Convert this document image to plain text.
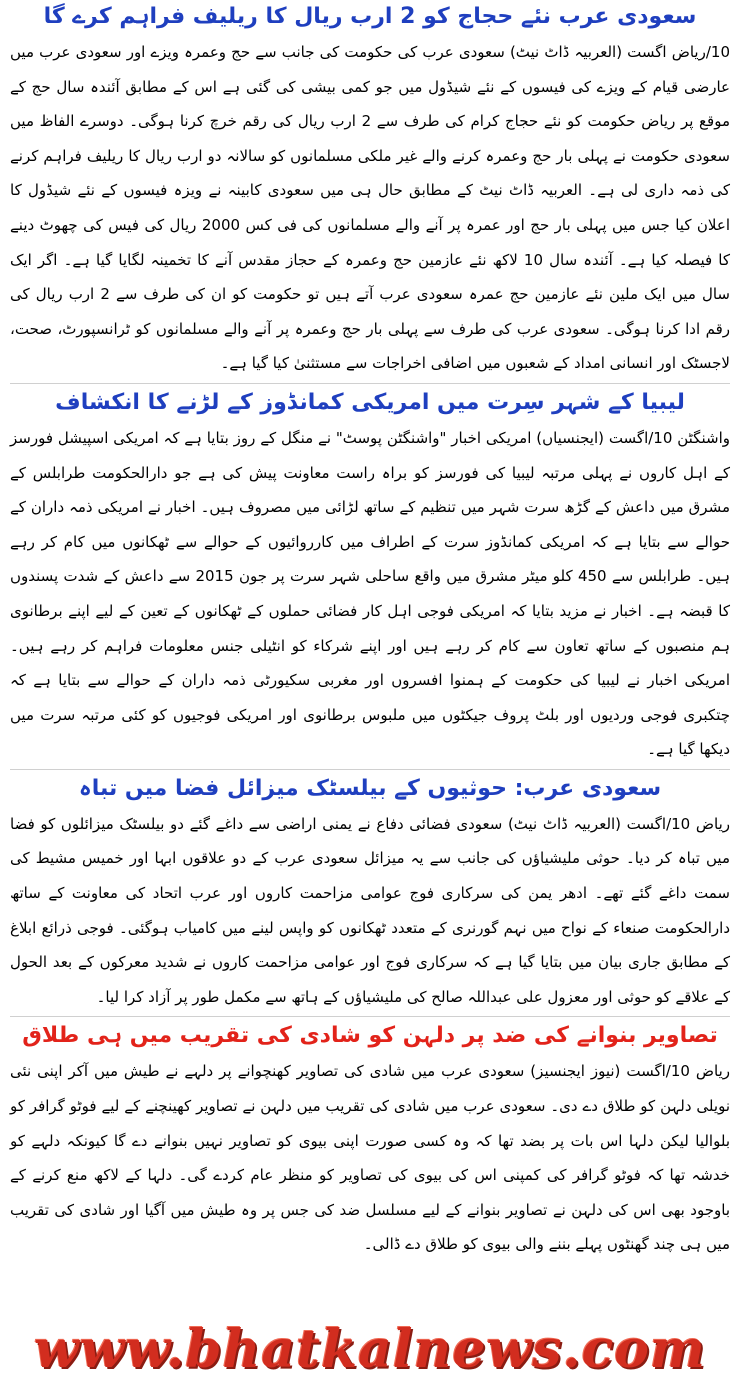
سعودی عرب نئے حجاج کو 2 ارب ریال کا ریلیف فراہم کرے گا

10/ریاض اگست (العربیہ ڈاٹ نیٹ) سعودی عرب کی حکومت کی جانب سے حج وعمرہ ویزے اور سعودی عرب میں عارضی قیام کے ویزے کی فیسوں کے نئے شیڈول میں جو کمی بیشی کی گئی ہے اس کے مطابق آئندہ سال حج کے موقع پر ریاض حکومت کو نئے حجاج کرام کی طرف سے 2 ارب ریال کی رقم خرچ کرنا ہوگی۔ دوسرے الفاظ میں سعودی حکومت نے پہلی بار حج وعمرہ کرنے والے غیر ملکی مسلمانوں کو سالانہ دو ارب ریال کا ریلیف فراہم کرنے کی ذمہ داری لی ہے۔ العربیہ ڈاٹ نیٹ کے مطابق حال ہی میں سعودی کابینہ نے ویزہ فیسوں کے نئے شیڈول کا اعلان کیا جس میں پہلی بار حج اور عمرہ پر آنے والے مسلمانوں کی فی کس 2000 ریال کی فیس کی چھوٹ دینے کا فیصلہ کیا ہے۔ آئندہ سال 10 لاکھ نئے عازمین حج وعمرہ کے حجاز مقدس آنے کا تخمینہ لگایا گیا ہے۔ اگر ایک سال میں ایک ملین نئے عازمین حج عمرہ سعودی عرب آتے ہیں تو حکومت کو ان کی طرف سے 2 ارب ریال کی رقم ادا کرنا ہوگی۔ سعودی عرب کی طرف سے پہلی بار حج وعمرہ پر آنے والے مسلمانوں کو ٹرانسپورٹ، صحت، لاجسٹک اور انسانی امداد کے شعبوں میں اضافی اخراجات سے مستثنیٰ کیا گیا ہے۔

لیبیا کے شہر سِرت میں امریکی کمانڈوز کے لڑنے کا انکشاف

واشنگٹن 10/اگست (ایجنسیاں) امریکی اخبار "واشنگٹن پوسٹ" نے منگل کے روز بتایا ہے کہ امریکی اسپیشل فورسز کے اہل کاروں نے پہلی مرتبہ لیبیا کی فورسز کو براہ راست معاونت پیش کی ہے جو دارالحکومت طرابلس کے مشرق میں داعش کے گڑھ سرت شہر میں تنظیم کے ساتھ لڑائی میں مصروف ہیں۔ اخبار نے امریکی ذمہ داران کے حوالے سے بتایا ہے کہ امریکی کمانڈوز سرت کے اطراف میں کارروائیوں کے حوالے سے ٹھکانوں میں کام کر رہے ہیں۔ طرابلس سے 450 کلو میٹر مشرق میں واقع ساحلی شہر سرت پر جون 2015 سے داعش کے شدت پسندوں کا قبضہ ہے۔ اخبار نے مزید بتایا کہ امریکی فوجی اہل کار فضائی حملوں کے ٹھکانوں کے تعین کے لیے اپنے برطانوی ہم منصبوں کے ساتھ تعاون سے کام کر رہے ہیں اور اپنے شرکاء کو انٹیلی جنس معلومات فراہم کر رہے ہیں۔ امریکی اخبار نے لیبیا کی حکومت کے ہمنوا افسروں اور مغربی سکیورٹی ذمہ داران کے حوالے سے بتایا ہے کہ چتکبری فوجی وردیوں اور بلٹ پروف جیکٹوں میں ملبوس برطانوی اور امریکی فوجیوں کو کئی مرتبہ سرت میں دیکھا گیا ہے۔

سعودی عرب: حوثیوں کے بیلسٹک میزائل فضا میں تباہ

ریاض 10/اگست (العربیہ ڈاٹ نیٹ) سعودی فضائی دفاع نے یمنی اراضی سے داغے گئے دو بیلسٹک میزائلوں کو فضا میں تباہ کر دیا۔ حوثی ملیشیاؤں کی جانب سے یہ میزائل سعودی عرب کے دو علاقوں ابہا اور خمیس مشیط کی سمت داغے گئے تھے۔ ادھر یمن کی سرکاری فوج عوامی مزاحمت کاروں اور عرب اتحاد کی معاونت کے ساتھ دارالحکومت صنعاء کے نواح میں نہم گورنری کے متعدد ٹھکانوں کو واپس لینے میں کامیاب ہوگئی۔ فوجی ذرائع ابلاغ کے مطابق جاری بیان میں بتایا گیا ہے کہ سرکاری فوج اور عوامی مزاحمت کاروں نے شدید معرکوں کے بعد الحول کے علاقے کو حوثی اور معزول علی عبداللہ صالح کی ملیشیاؤں کے ہاتھ سے مکمل طور پر آزاد کرا لیا۔

تصاویر بنوانے کی ضد پر دلہن کو شادی کی تقریب میں ہی طلاق

ریاض 10/اگست (نیوز ایجنسیز) سعودی عرب میں شادی کی تصاویر کھنچوانے پر دلہے نے طیش میں آکر اپنی نئی نویلی دلہن کو طلاق دے دی۔ سعودی عرب میں شادی کی تقریب میں دلہن نے تصاویر کھینچنے کے لیے فوٹو گرافر کو بلوالیا لیکن دلہا اس بات پر بضد تھا کہ وہ کسی صورت اپنی بیوی کو تصاویر نہیں بنوانے دے گا کیونکہ دلہے کو خدشہ تھا کہ فوٹو گرافر کی کمپنی اس کی بیوی کی تصاویر کو منظر عام کردے گی۔ دلہا کے لاکھ منع کرنے کے باوجود بھی اس کی دلہن نے تصاویر بنوانے کے لیے مسلسل ضد کی جس پر وہ طیش میں آگیا اور شادی کی تقریب میں ہی چند گھنٹوں پہلے بننے والی بیوی کو طلاق دے ڈالی۔

www.bhatkalnews.com
